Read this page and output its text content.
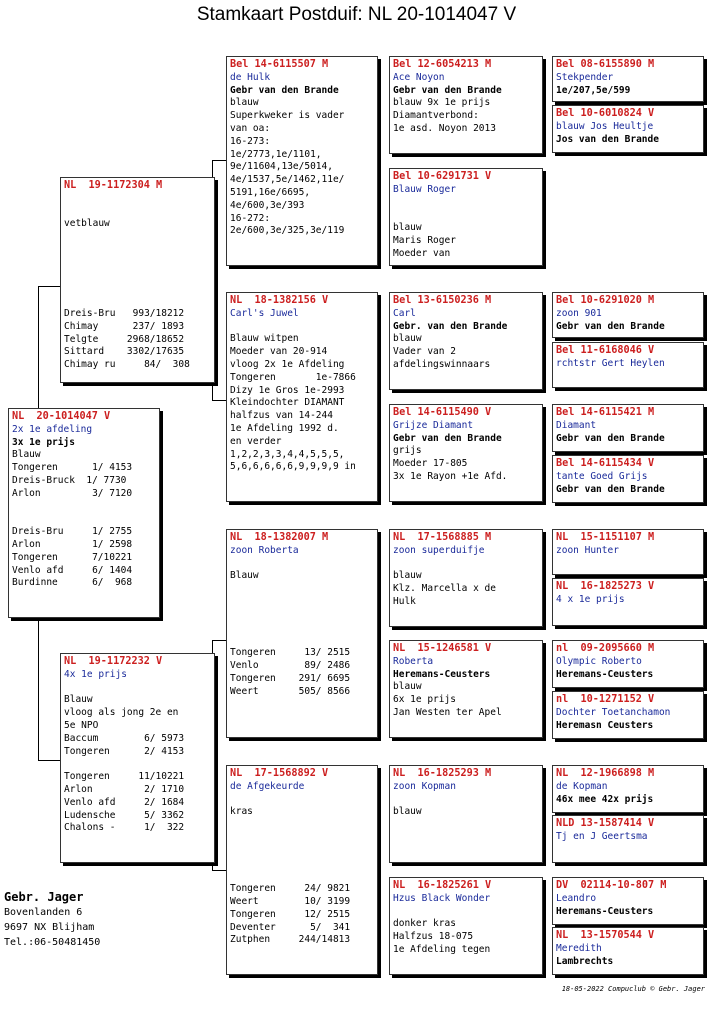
Stamkaart Postduif: NL 20-1014047 V
NL  20-1014047 V
2x 1e afdeling
3x 1e prijs
Blauw
Tongeren      1/ 4153
Dreis-Bruck  1/ 7730
Arlon         3/ 7120

Dreis-Bru     1/ 2755
Arlon         1/ 2598
Tongeren      7/10221
Venlo afd     6/ 1404
Burdinne      6/  968
NL  19-1172304 M

vetblauw

Dreis-Bru   993/18212
Chimay      237/ 1893
Telgte     2968/18652
Sittard    3302/17635
Chimay ru     84/  308
NL  19-1172232 V
4x 1e prijs

Blauw
vloog als jong 2e en
5e NPO
Baccum        6/ 5973
Tongeren      2/ 4153

Tongeren     11/10221
Arlon         2/ 1710
Venlo afd     2/ 1684
Ludensche     5/ 3362
Chalons -     1/  322
Bel 14-6115507 M
de Hulk
Gebr van den Brande
blauw
Superkweker is vader
van oa:
16-273:
1e/2773,1e/1101,
9e/11604,13e/5014,
4e/1537,5e/1462,11e/
5191,16e/6695,
4e/600,3e/393
16-272:
2e/600,3e/325,3e/119
NL  18-1382156 V
Carl's Juwel

Blauw witpen
Moeder van 20-914
vloog 2x 1e Afdeling
Tongeren       1e-7866
Dizy 1e Gros 1e-2993
Kleindochter DIAMANT
halfzus van 14-244
1e Afdeling 1992 d.
en verder
1,2,2,3,3,4,4,5,5,5,
5,6,6,6,6,6,9,9,9,9 in
NL  18-1382007 M
zoon Roberta

Blauw

Tongeren     13/ 2515
Venlo        89/ 2486
Tongeren    291/ 6695
Weert       505/ 8566
NL  17-1568892 V
de Afgekeurde

kras

Tongeren     24/ 9821
Weert        10/ 3199
Tongeren     12/ 2515
Deventer      5/  341
Zutphen     244/14813
Bel 12-6054213 M
Ace Noyon
Gebr van den Brande
blauw 9x 1e prijs
Diamantverbond:
1e asd. Noyon 2013
Bel 10-6291731 V
Blauw Roger

blauw
Maris Roger
Moeder van
Bel 13-6150236 M
Carl
Gebr. van den Brande
blauw
Vader van 2
afdelingswinnaars
Bel 14-6115490 V
Grijze Diamant
Gebr van den Brande
grijs
Moeder 17-805
3x 1e Rayon +1e Afd.
NL  17-1568885 M
zoon superduifje

blauw
Klz. Marcella x de
Hulk
NL  15-1246581 V
Roberta
Heremans-Ceusters
blauw
6x 1e prijs
Jan Westen ter Apel
NL  16-1825293 M
zoon Kopman

blauw
NL  16-1825261 V
Hzus Black Wonder

donker kras
Halfzus 18-075
1e Afdeling tegen
Bel 08-6155890 M
Stekpender
1e/207,5e/599
Bel 10-6010824 V
blauw Jos Heultje
Jos van den Brande
Bel 10-6291020 M
zoon 901
Gebr van den Brande
Bel 11-6168046 V
rchtstr Gert Heylen
Bel 14-6115421 M
Diamant
Gebr van den Brande
Bel 14-6115434 V
tante Goed Grijs
Gebr van den Brande
NL  15-1151107 M
zoon Hunter
NL  16-1825273 V
4 x 1e prijs
nl  09-2095660 M
Olympic Roberto
Heremans-Ceusters
nl  10-1271152 V
Dochter Toetanchamon
Heremasn Ceusters
NL  12-1966898 M
de Kopman
46x mee 42x prijs
NLD 13-1587414 V
Tj en J Geertsma
DV  02114-10-807 M
Leandro
Heremans-Ceusters
NL  13-1570544 V
Meredith
Lambrechts
Gebr. Jager
Bovenlanden 6
9697 NX Blijham
Tel.:06-50481450
18-05-2022 Compuclub © Gebr. Jager
